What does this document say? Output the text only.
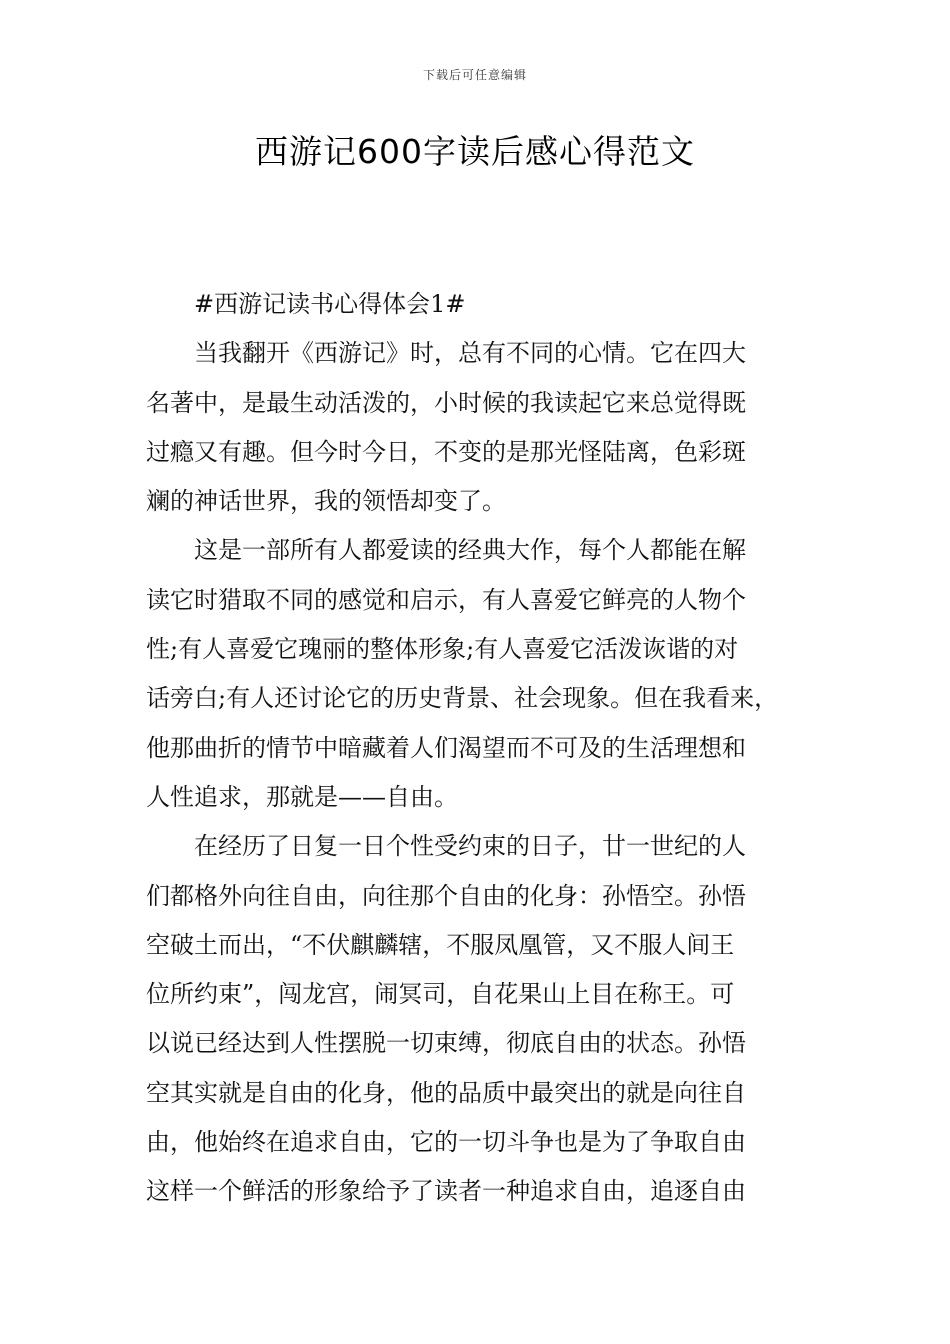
下载后可任意编辑
西游记600字读后感心得范文

#西游记读书心得体会1#

当我翻开《西游记》时，总有不同的心情。它在四大
名著中，是最生动活泼的，小时候的我读起它来总觉得既
过瘾又有趣。但今时今日，不变的是那光怪陆离，色彩斑
斓的神话世界，我的领悟却变了。

这是一部所有人都爱读的经典大作，每个人都能在解
读它时猎取不同的感觉和启示，有人喜爱它鲜亮的人物个
性;有人喜爱它瑰丽的整体形象;有人喜爱它活泼诙谐的对
话旁白;有人还讨论它的历史背景、社会现象。但在我看来，
他那曲折的情节中暗藏着人们渴望而不可及的生活理想和
人性追求，那就是——自由。

在经历了日复一日个性受约束的日子，廿一世纪的人
们都格外向往自由，向往那个自由的化身：孙悟空。孙悟
空破土而出，“不伏麒麟辖，不服凤凰管，又不服人间王
位所约束”，闯龙宫，闹冥司，自花果山上目在称王。可
以说已经达到人性摆脱一切束缚，彻底自由的状态。孙悟
空其实就是自由的化身，他的品质中最突出的就是向往自
由，他始终在追求自由，它的一切斗争也是为了争取自由
这样一个鲜活的形象给予了读者一种追求自由，追逐自由
